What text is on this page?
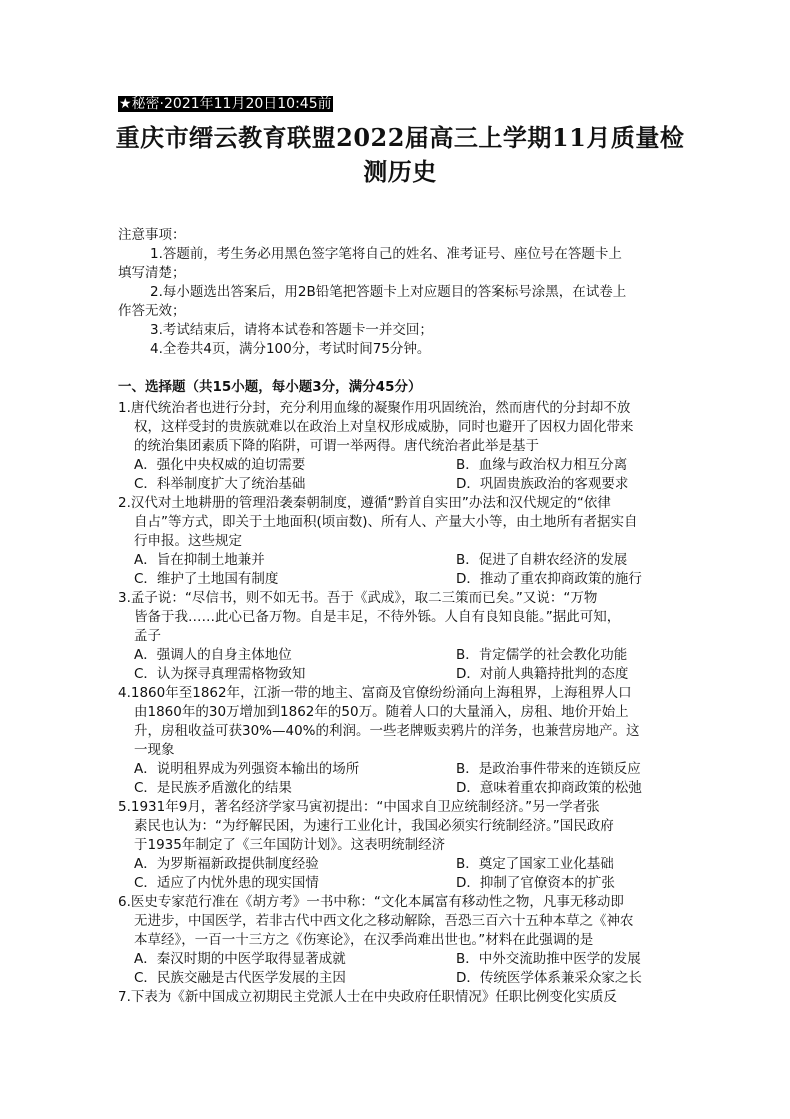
★秘密·2021年11月20日10:45前
重庆市缙云教育联盟2022届高三上学期11月质量检
测历史
注意事项：
1.答题前，考生务必用黑色签字笔将自己的姓名、准考证号、座位号在答题卡上
填写清楚；
2.每小题选出答案后，用2B铅笔把答题卡上对应题目的答案标号涂黑，在试卷上
作答无效；
3.考试结束后，请将本试卷和答题卡一并交回；
4.全卷共4页，满分100分，考试时间75分钟。
一、选择题（共15小题，每小题3分，满分45分）
1.唐代统治者也进行分封，充分利用血缘的凝聚作用巩固统治，然而唐代的分封却不放
权，这样受封的贵族就难以在政治上对皇权形成威胁，同时也避开了因权力固化带来
的统治集团素质下降的陷阱，可谓一举两得。唐代统治者此举是基于
A．强化中央权威的迫切需要	B．血缘与政治权力相互分离
C．科举制度扩大了统治基础	D．巩固贵族政治的客观要求
2.汉代对土地耕册的管理沿袭秦朝制度，遵循“黔首自实田”办法和汉代规定的“依律
自占”等方式，即关于土地面积(顷亩数)、所有人、产量大小等，由土地所有者据实自
行申报。这些规定
A．旨在抑制土地兼并	B．促进了自耕农经济的发展
C．维护了土地国有制度	D．推动了重农抑商政策的施行
3.孟子说：“尽信书，则不如无书。吾于《武成》，取二三策而已矣。”又说：“万物
皆备于我……此心已备万物。自是丰足，不待外铄。人自有良知良能。”据此可知，
孟子
A．强调人的自身主体地位	B．肯定儒学的社会教化功能
C．认为探寻真理需格物致知	D．对前人典籍持批判的态度
4.1860年至1862年，江浙一带的地主、富商及官僚纷纷涌向上海租界，上海租界人口
由1860年的30万增加到1862年的50万。随着人口的大量涌入，房租、地价开始上
升，房租收益可获30%—40%的利润。一些老牌贩卖鸦片的洋务，也兼营房地产。这
一现象
A．说明租界成为列强资本输出的场所	B．是政治事件带来的连锁反应
C．是民族矛盾激化的结果	D．意味着重农抑商政策的松弛
5.1931年9月，著名经济学家马寅初提出：“中国求自卫应统制经济。”另一学者张
素民也认为：“为纾解民困，为速行工业化计，我国必须实行统制经济。”国民政府
于1935年制定了《三年国防计划》。这表明统制经济
A．为罗斯福新政提供制度经验	B．奠定了国家工业化基础
C．适应了内忧外患的现实国情	D．抑制了官僚资本的扩张
6.医史专家范行准在《胡方考》一书中称：“文化本属富有移动性之物，凡事无移动即
无进步，中国医学，若非古代中西文化之移动解除，吾恐三百六十五种本草之《神农
本草经》，一百一十三方之《伤寒论》，在汉季尚难出世也。”材料在此强调的是
A．秦汉时期的中医学取得显著成就	B．中外交流助推中医学的发展
C．民族交融是古代医学发展的主因	D．传统医学体系兼采众家之长
7.下表为《新中国成立初期民主党派人士在中央政府任职情况》任职比例变化实质反
